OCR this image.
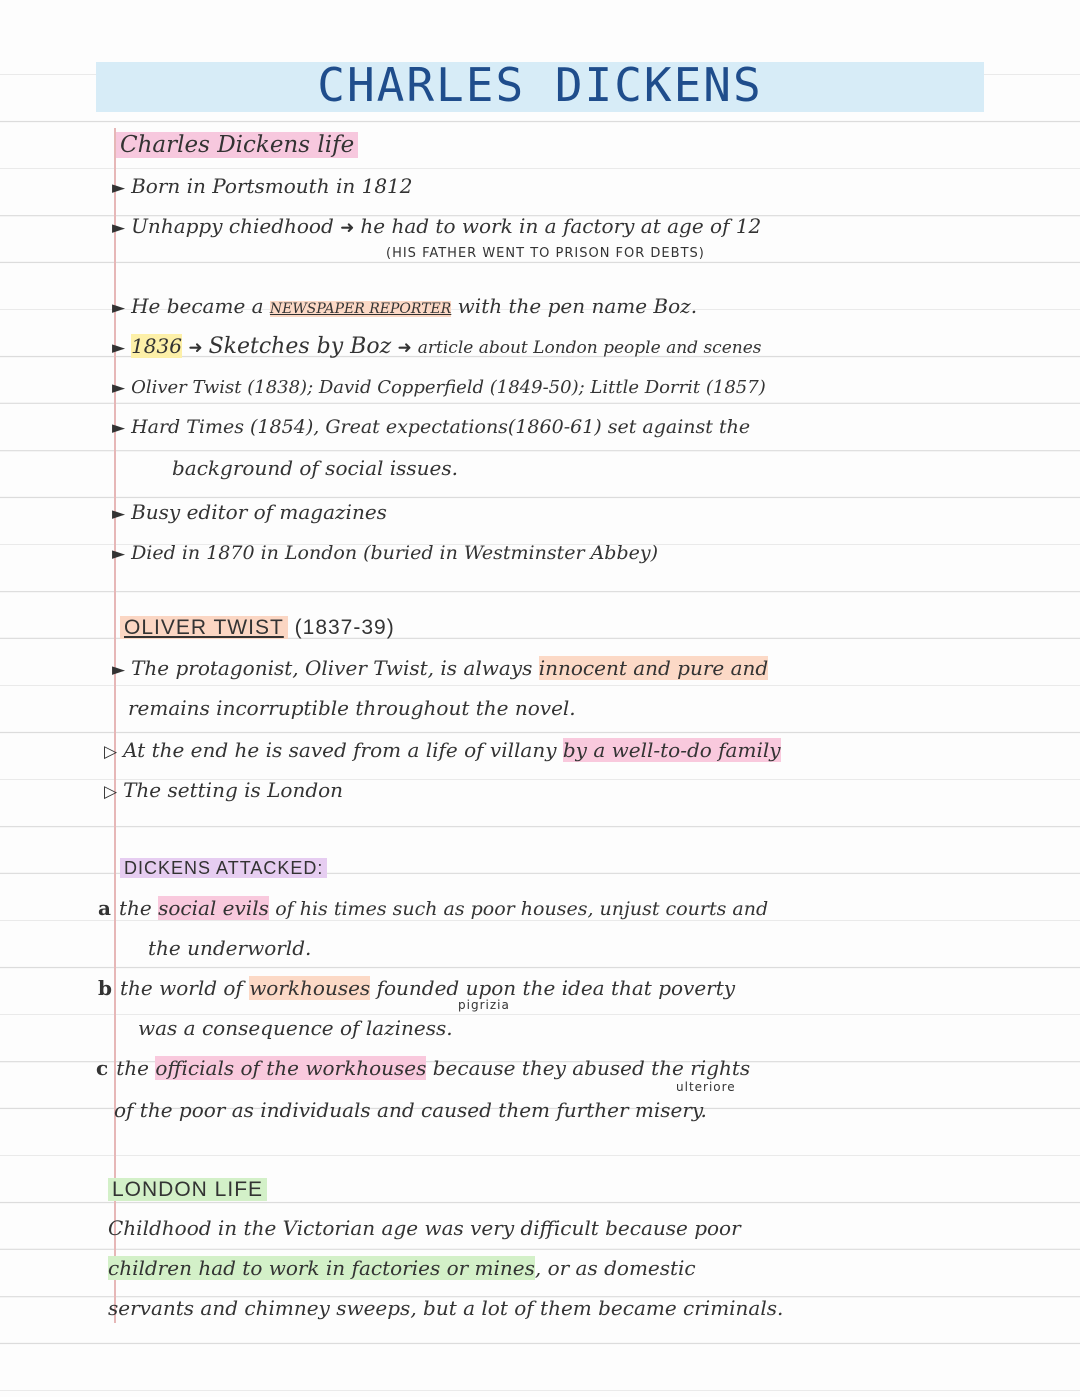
CHARLES DICKENS
Charles Dickens life
► Born in Portsmouth in 1812
► Unhappy chiedhood ➜ he had to work in a factory at age of 12
(HIS FATHER WENT TO PRISON FOR DEBTS)
► He became a NEWSPAPER REPORTER with the pen name Boz.
► 1836 ➜ Sketches by Boz ➜ article about London people and scenes
► Oliver Twist (1838); David Copperfield (1849-50); Little Dorrit (1857)
► Hard Times (1854), Great expectations(1860-61) set against the
background of social issues.
► Busy editor of magazines
► Died in 1870 in London (buried in Westminster Abbey)
OLIVER TWIST (1837-39)
► The protagonist, Oliver Twist, is always innocent and pure and
remains incorruptible throughout the novel.
▷ At the end he is saved from a life of villany by a well-to-do family
▷ The setting is London
DICKENS ATTACKED:
a the social evils of his times such as poor houses, unjust courts and
the underworld.
b the world of workhouses founded upon the idea that poverty
pigrizia
was a consequence of laziness.
c the officials of the workhouses because they abused the rights
ulteriore
of the poor as individuals and caused them further misery.
LONDON LIFE
Childhood in the Victorian age was very difficult because poor
children had to work in factories or mines, or as domestic
servants and chimney sweeps, but a lot of them became criminals.
